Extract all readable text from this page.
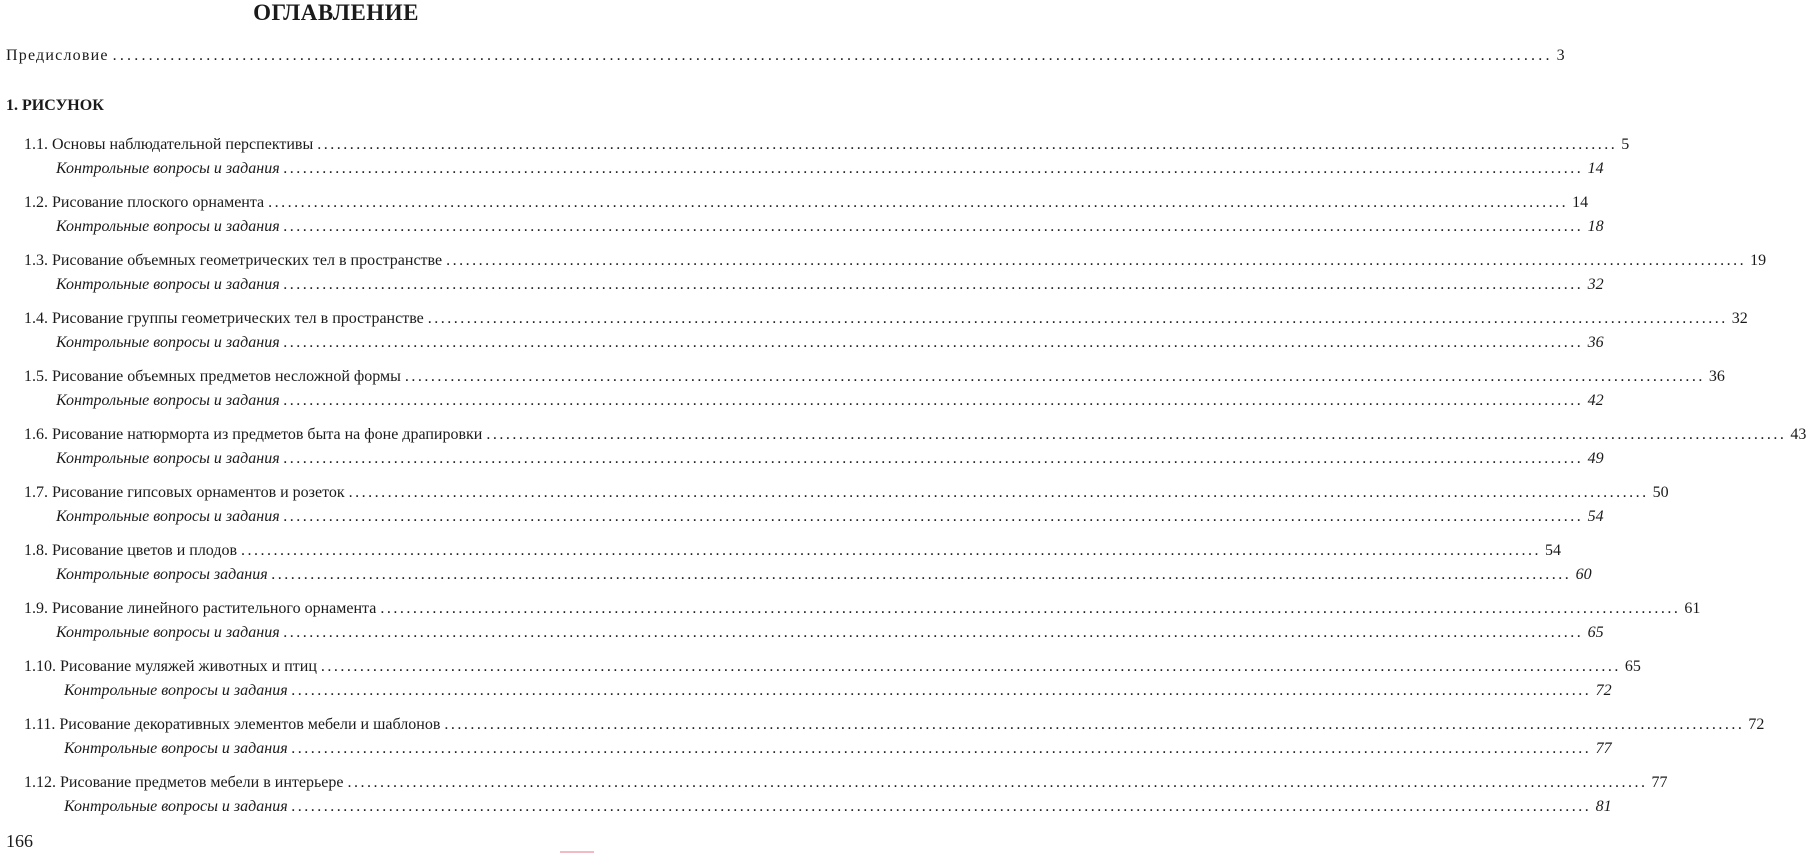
ОГЛАВЛЕНИЕ
Предисловие ........................................................................................................................................................................................................ 3
1. РИСУНОК
1.1. Основы наблюдательной перспективы ........................................................................................................................................................................................................ 5
Контрольные вопросы и задания ........................................................................................................................................................................................................ 14
1.2. Рисование плоского орнамента ........................................................................................................................................................................................................ 14
Контрольные вопросы и задания ........................................................................................................................................................................................................ 18
1.3. Рисование объемных геометрических тел в пространстве ........................................................................................................................................................................................................ 19
Контрольные вопросы и задания ........................................................................................................................................................................................................ 32
1.4. Рисование группы геометрических тел в пространстве ........................................................................................................................................................................................................ 32
Контрольные вопросы и задания ........................................................................................................................................................................................................ 36
1.5. Рисование объемных предметов несложной формы ........................................................................................................................................................................................................ 36
Контрольные вопросы и задания ........................................................................................................................................................................................................ 42
1.6. Рисование натюрморта из предметов быта на фоне драпировки ........................................................................................................................................................................................................ 43
Контрольные вопросы и задания ........................................................................................................................................................................................................ 49
1.7. Рисование гипсовых орнаментов и розеток ........................................................................................................................................................................................................ 50
Контрольные вопросы и задания ........................................................................................................................................................................................................ 54
1.8. Рисование цветов и плодов ........................................................................................................................................................................................................ 54
Контрольные вопросы задания ........................................................................................................................................................................................................ 60
1.9. Рисование линейного растительного орнамента ........................................................................................................................................................................................................ 61
Контрольные вопросы и задания ........................................................................................................................................................................................................ 65
1.10. Рисование муляжей животных и птиц ........................................................................................................................................................................................................ 65
Контрольные вопросы и задания ........................................................................................................................................................................................................ 72
1.11. Рисование декоративных элементов мебели и шаблонов ........................................................................................................................................................................................................ 72
Контрольные вопросы и задания ........................................................................................................................................................................................................ 77
1.12. Рисование предметов мебели в интерьере ........................................................................................................................................................................................................ 77
Контрольные вопросы и задания ........................................................................................................................................................................................................ 81
166
